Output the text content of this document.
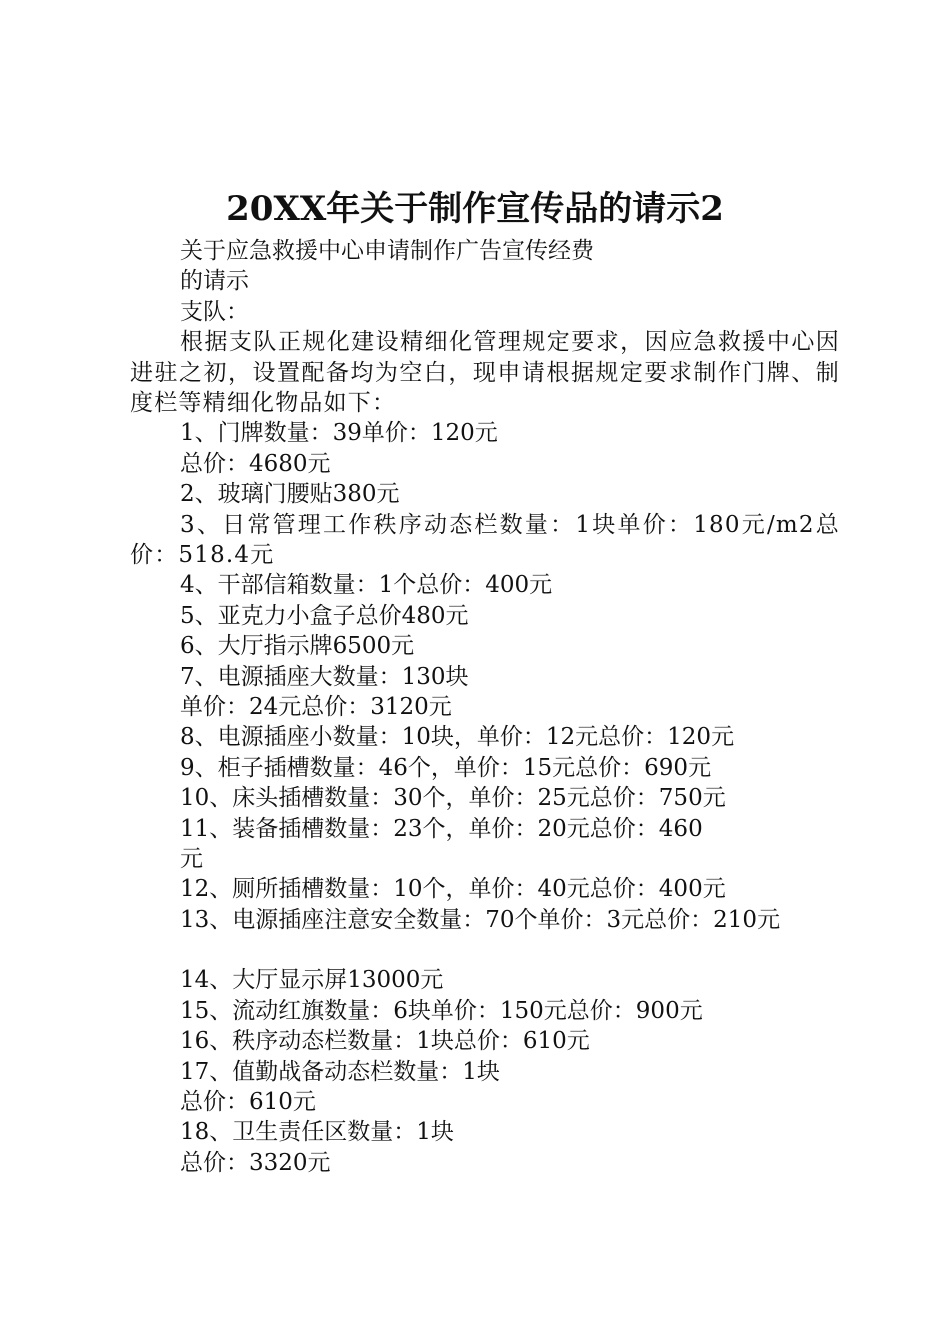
20XX年关于制作宣传品的请示2
关于应急救援中心申请制作广告宣传经费
的请示
支队：
根据支队正规化建设精细化管理规定要求，因应急救援中心因进驻之初，设置配备均为空白，现申请根据规定要求制作门牌、制度栏等精细化物品如下：
1、门牌数量：39单价：120元
总价：4680元
2、玻璃门腰贴380元
3、日常管理工作秩序动态栏数量：1块单价：180元/m2总价：518.4元
4、干部信箱数量：1个总价：400元
5、亚克力小盒子总价480元
6、大厅指示牌6500元
7、电源插座大数量：130块
单价：24元总价：3120元
8、电源插座小数量：10块，单价：12元总价：120元
9、柜子插槽数量：46个，单价：15元总价：690元
10、床头插槽数量：30个，单价：25元总价：750元
11、装备插槽数量：23个，单价：20元总价：460
元
12、厕所插槽数量：10个，单价：40元总价：400元
13、电源插座注意安全数量：70个单价：3元总价：210元
14、大厅显示屏13000元
15、流动红旗数量：6块单价：150元总价：900元
16、秩序动态栏数量：1块总价：610元
17、值勤战备动态栏数量：1块
总价：610元
18、卫生责任区数量：1块
总价：3320元
